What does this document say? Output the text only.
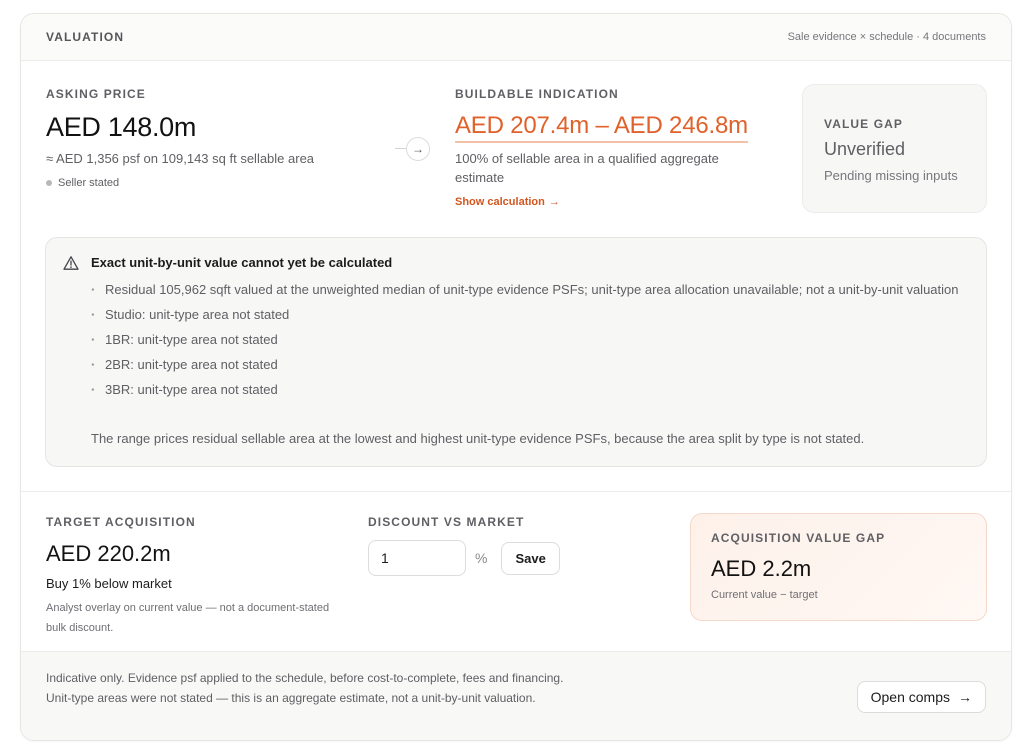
VALUATION	Sale evidence × schedule · 4 documents
ASKING PRICE
AED 148.0m
≈ AED 1,356 psf on 109,143 sq ft sellable area
Seller stated
→
BUILDABLE INDICATION
AED 207.4m – AED 246.8m
100% of sellable area in a qualified aggregate estimate
Show calculation →
VALUE GAP
Unverified
Pending missing inputs
Exact unit-by-unit value cannot yet be calculated
· Residual 105,962 sqft valued at the unweighted median of unit-type evidence PSFs; unit-type area allocation unavailable; not a unit-by-unit valuation
· Studio: unit-type area not stated
· 1BR: unit-type area not stated
· 2BR: unit-type area not stated
· 3BR: unit-type area not stated
The range prices residual sellable area at the lowest and highest unit-type evidence PSFs, because the area split by type is not stated.
TARGET ACQUISITION
AED 220.2m
Buy 1% below market
Analyst overlay on current value — not a document-stated bulk discount.
DISCOUNT VS MARKET
1
%	Save
ACQUISITION VALUE GAP
AED 2.2m
Current value − target
Indicative only. Evidence psf applied to the schedule, before cost-to-complete, fees and financing. Unit-type areas were not stated — this is an aggregate estimate, not a unit-by-unit valuation.	Open comps →
